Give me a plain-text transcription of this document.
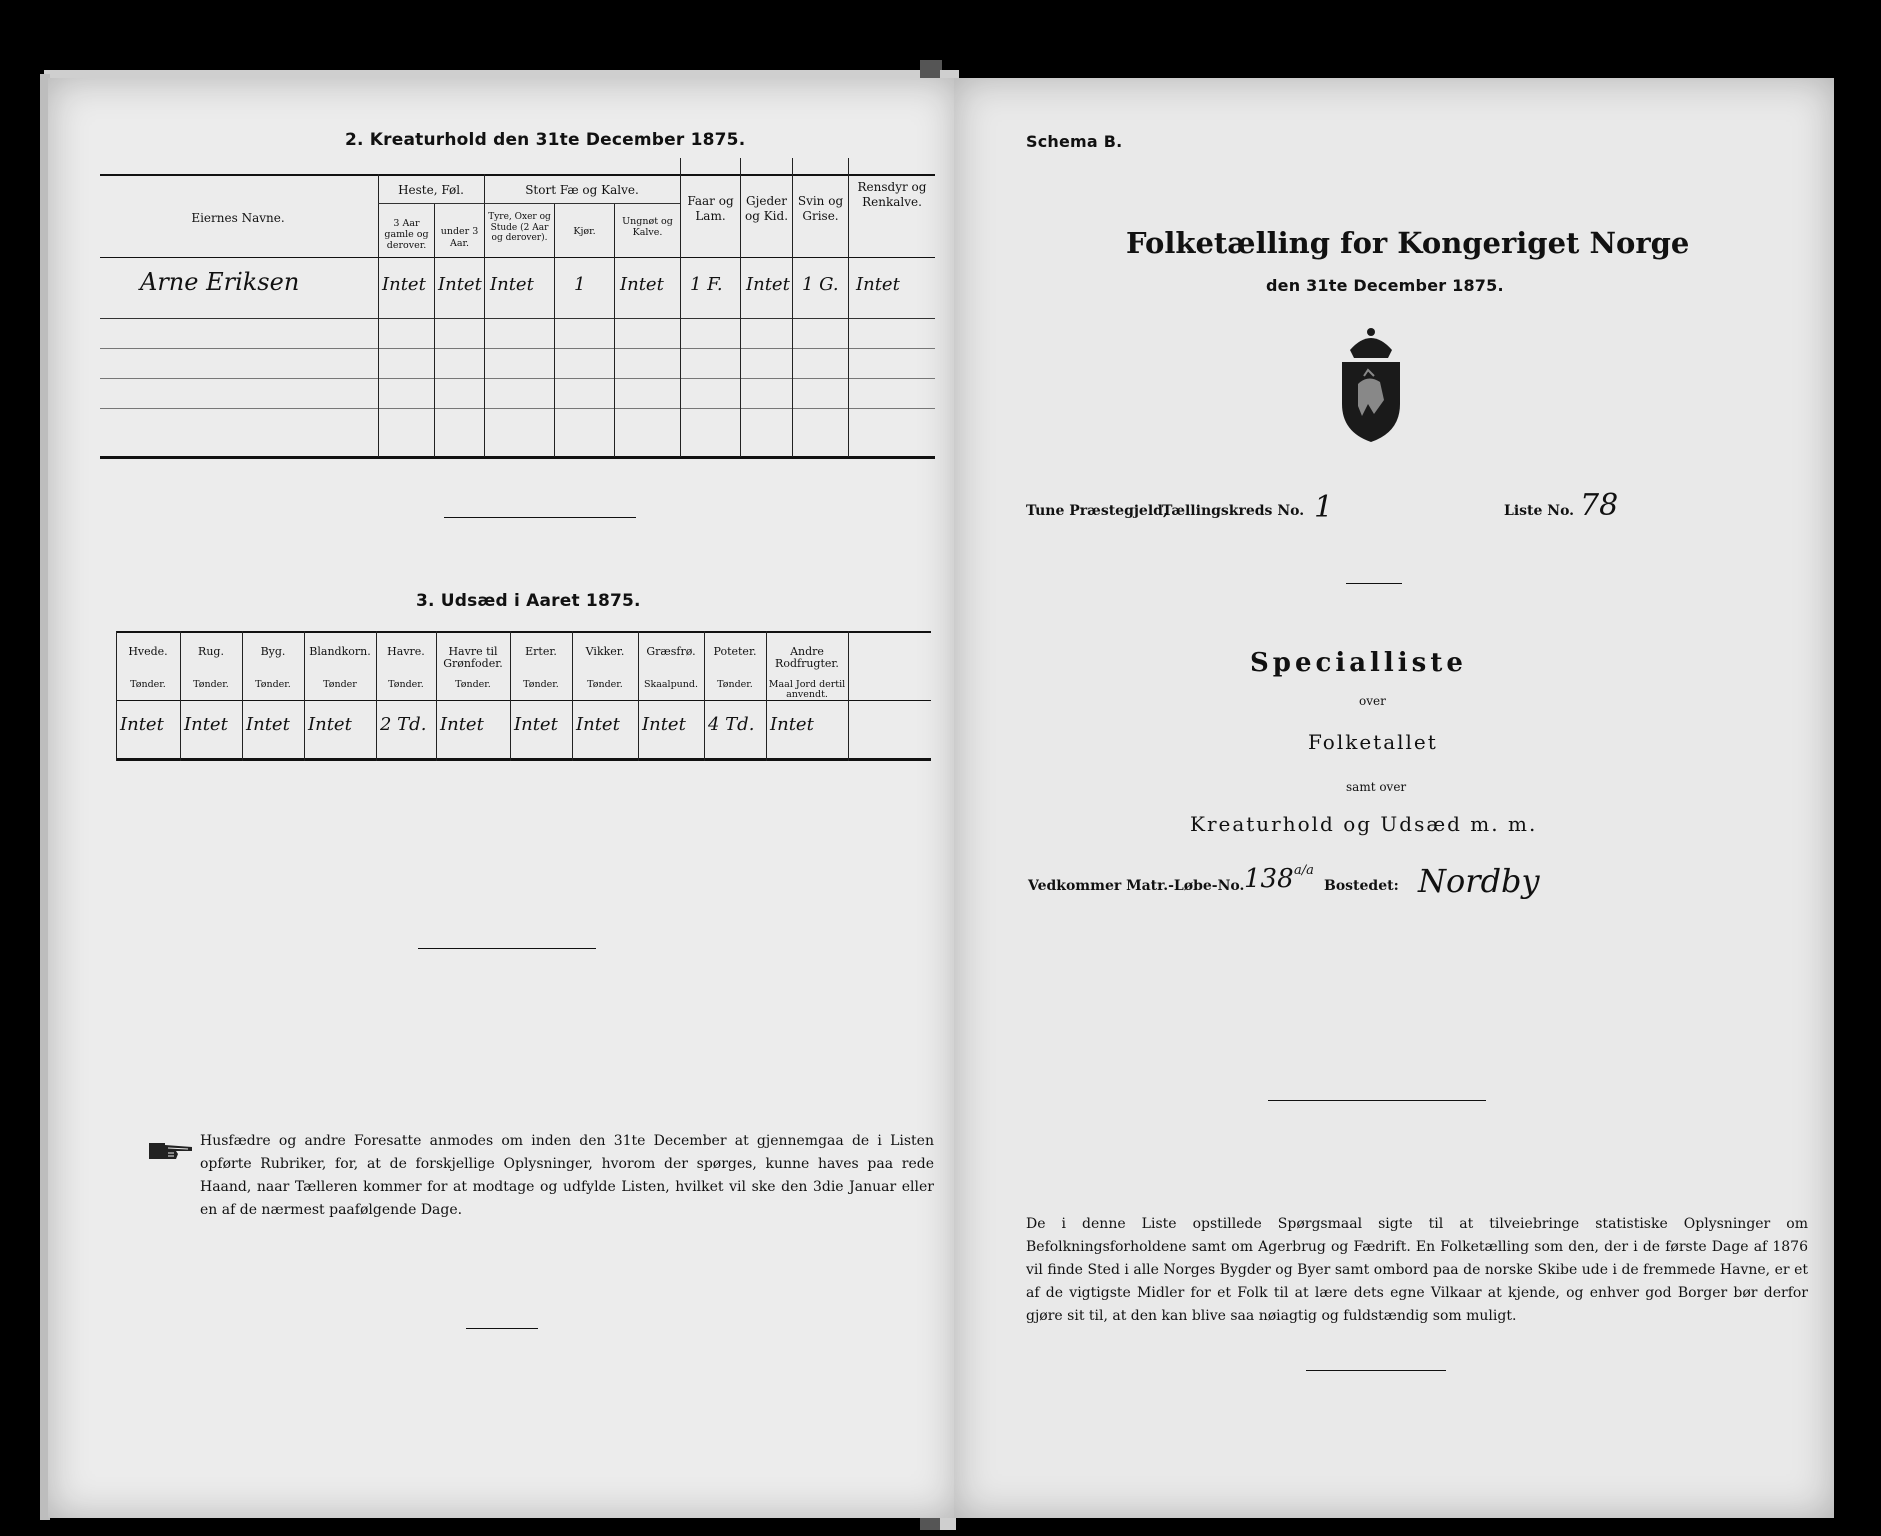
2. Kreaturhold den 31te December 1875.
Eiernes Navne.
Heste, Føl.
3 Aar gamle og derover.
under 3 Aar.
Stort Fæ og Kalve.
Tyre, Oxer og Stude (2 Aar og derover).
Kjør.
Ungnøt og Kalve.
Faar og Lam.
Gjeder og Kid.
Svin og Grise.
Rensdyr og Renkalve.
Arne Eriksen	Intet Intet Intet 1 Intet 1 F. Intet 1 G. Intet
3. Udsæd i Aaret 1875.
Hvede.
Tønder.
Rug.
Tønder.
Byg.
Tønder.
Blandkorn.
Tønder
Havre.
Tønder.
Havre til Grønfoder.
Tønder.
Erter.
Tønder.
Vikker.
Tønder.
Græsfrø.
Skaalpund.
Poteter.
Tønder.
Andre Rodfrugter.
Maal Jord dertil anvendt.
Intet Intet Intet Intet 2 Td. Intet Intet Intet Intet 4 Td. Intet
Husfædre og andre Foresatte anmodes om inden den 31te December at gjennemgaa de i Listen opførte Rubriker, for, at de forskjellige Oplysninger, hvorom der spørges, kunne haves paa rede Haand, naar Tælleren kommer for at modtage og udfylde Listen, hvilket vil ske den 3die Januar eller en af de nærmest paafølgende Dage.
Schema B.
Folketælling for Kongeriget Norge
den 31te December 1875.
Tune Præstegjeld,
Tællingskreds No. 1	Liste No. 78
Specialliste
over
Folketallet
samt over
Kreaturhold og Udsæd m. m.
Vedkommer Matr.-Løbe-No. 138 a/a
Bostedet: Nordby
De i denne Liste opstillede Spørgsmaal sigte til at tilveiebringe statistiske Oplysninger om Befolkningsforholdene samt om Agerbrug og Fædrift. En Folketælling som den, der i de første Dage af 1876 vil finde Sted i alle Norges Bygder og Byer samt ombord paa de norske Skibe ude i de fremmede Havne, er et af de vigtigste Midler for et Folk til at lære dets egne Vilkaar at kjende, og enhver god Borger bør derfor gjøre sit til, at den kan blive saa nøiagtig og fuldstændig som muligt.
